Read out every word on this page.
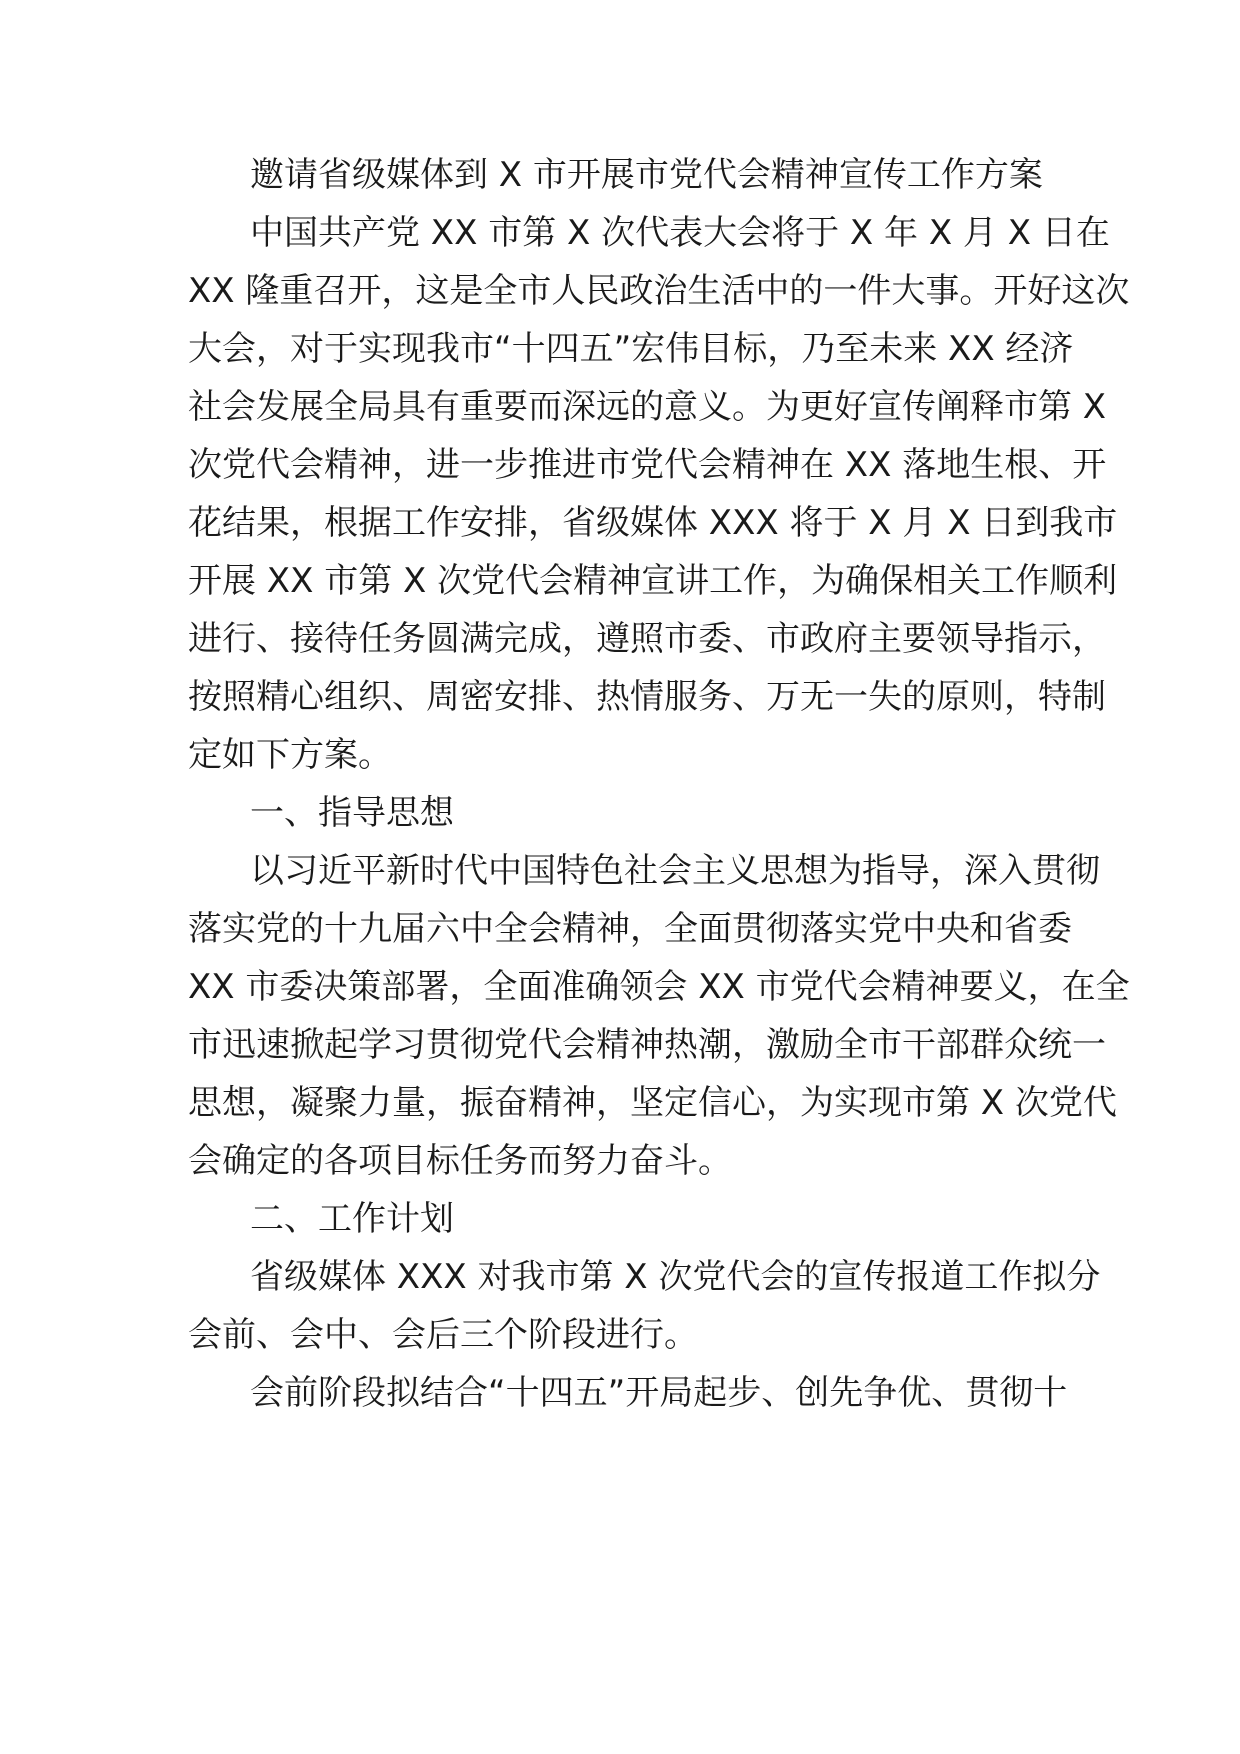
邀请省级媒体到 X 市开展市党代会精神宣传工作方案

中国共产党 XX 市第 X 次代表大会将于 X 年 X 月 X 日在

XX 隆重召开，这是全市人民政治生活中的一件大事。开好这次

大会，对于实现我市“十四五”宏伟目标，乃至未来 XX 经济

社会发展全局具有重要而深远的意义。为更好宣传阐释市第 X

次党代会精神，进一步推进市党代会精神在 XX 落地生根、开

花结果，根据工作安排，省级媒体 XXX 将于 X 月 X 日到我市

开展 XX 市第 X 次党代会精神宣讲工作，为确保相关工作顺利

进行、接待任务圆满完成，遵照市委、市政府主要领导指示，

按照精心组织、周密安排、热情服务、万无一失的原则，特制

定如下方案。

一、指导思想

以习近平新时代中国特色社会主义思想为指导，深入贯彻

落实党的十九届六中全会精神，全面贯彻落实党中央和省委

XX 市委决策部署，全面准确领会 XX 市党代会精神要义，在全

市迅速掀起学习贯彻党代会精神热潮，激励全市干部群众统一

思想，凝聚力量，振奋精神，坚定信心，为实现市第 X 次党代

会确定的各项目标任务而努力奋斗。

二、工作计划

省级媒体 XXX 对我市第 X 次党代会的宣传报道工作拟分

会前、会中、会后三个阶段进行。

会前阶段拟结合“十四五”开局起步、创先争优、贯彻十
